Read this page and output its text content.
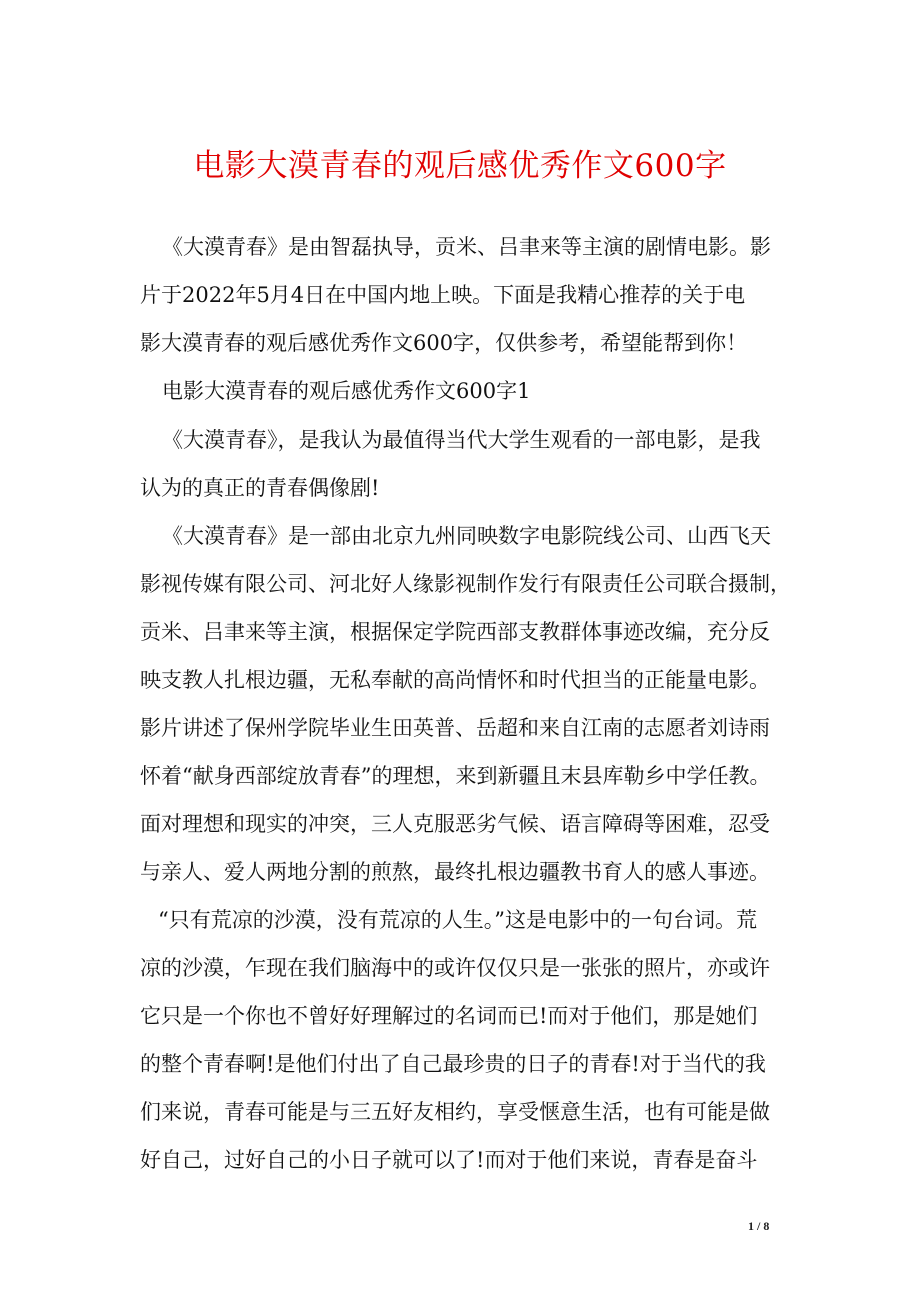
电影大漠青春的观后感优秀作文600字

《大漠青春》是由智磊执导，贡米、吕聿来等主演的剧情电影。影

片于2022年5月4日在中国内地上映。下面是我精心推荐的关于电

影大漠青春的观后感优秀作文600字，仅供参考，希望能帮到你！

电影大漠青春的观后感优秀作文600字1

《大漠青春》，是我认为最值得当代大学生观看的一部电影，是我

认为的真正的青春偶像剧!

《大漠青春》是一部由北京九州同映数字电影院线公司、山西飞天

影视传媒有限公司、河北好人缘影视制作发行有限责任公司联合摄制，

贡米、吕聿来等主演，根据保定学院西部支教群体事迹改编，充分反

映支教人扎根边疆，无私奉献的高尚情怀和时代担当的正能量电影。

影片讲述了保州学院毕业生田英普、岳超和来自江南的志愿者刘诗雨

怀着“献身西部绽放青春”的理想，来到新疆且末县库勒乡中学任教。

面对理想和现实的冲突，三人克服恶劣气候、语言障碍等困难，忍受

与亲人、爱人两地分割的煎熬，最终扎根边疆教书育人的感人事迹。

“只有荒凉的沙漠，没有荒凉的人生。”这是电影中的一句台词。荒

凉的沙漠，乍现在我们脑海中的或许仅仅只是一张张的照片，亦或许

它只是一个你也不曾好好理解过的名词而已!而对于他们，那是她们

的整个青春啊!是他们付出了自己最珍贵的日子的青春!对于当代的我

们来说，青春可能是与三五好友相约，享受惬意生活，也有可能是做

好自己，过好自己的小日子就可以了!而对于他们来说，青春是奋斗

1 / 8
